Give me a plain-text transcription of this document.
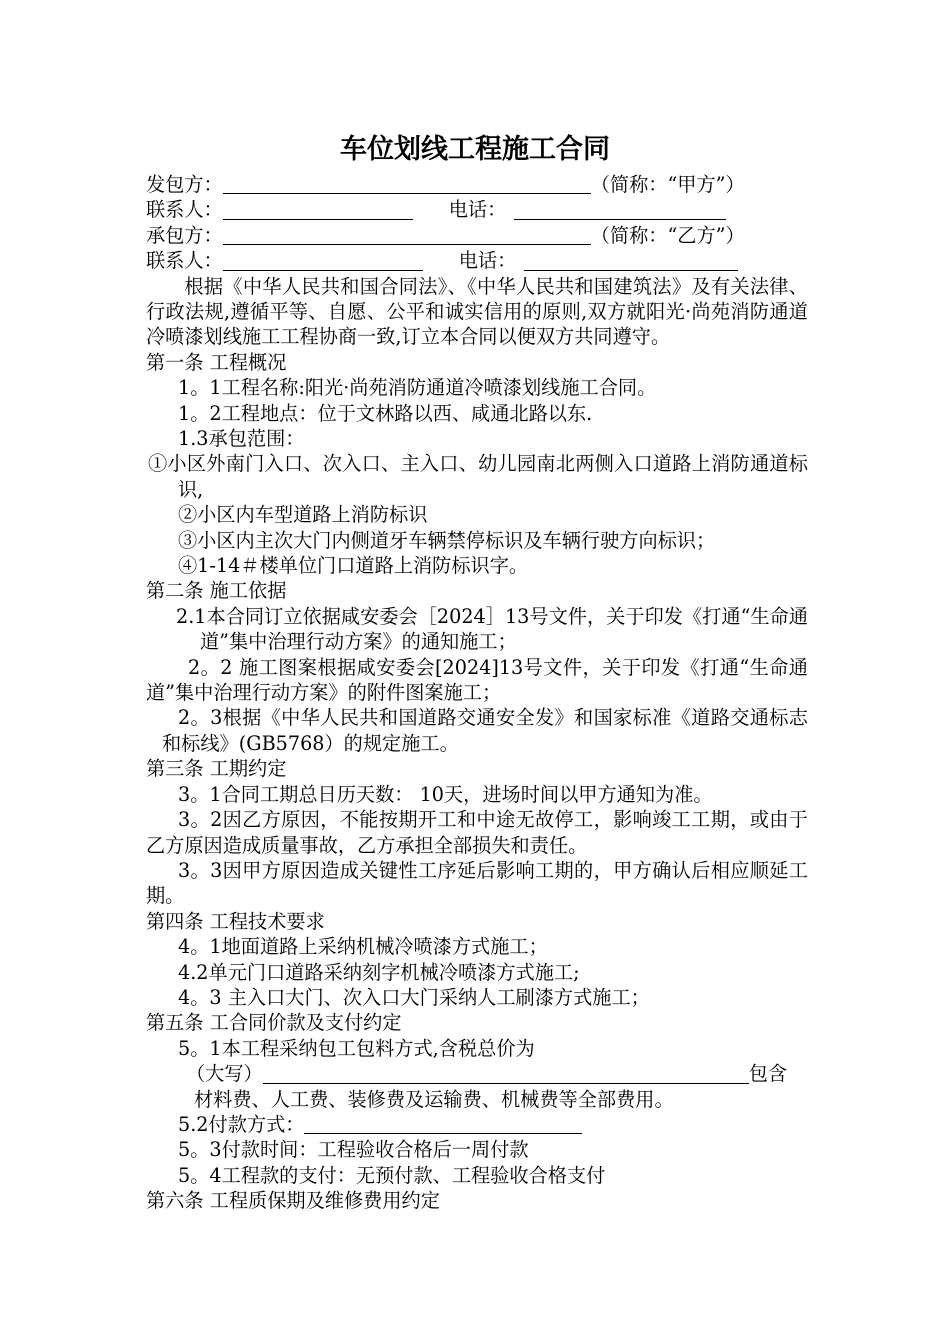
车位划线工程施工合同
发包方：	（简称：“甲方”）
联系人：	电话：
承包方：	（简称：“乙方”）
联系人：	电话：
根据《中华人民共和国合同法》、《中华人民共和国建筑法》及有关法律、行政法规,遵循平等、自愿、公平和诚实信用的原则,双方就阳光·尚苑消防通道冷喷漆划线施工工程协商一致,订立本合同以便双方共同遵守。
第一条 工程概况
1。1工程名称:阳光·尚苑消防通道冷喷漆划线施工合同。
1。2工程地点：位于文林路以西、咸通北路以东.
1.3承包范围：
①小区外南门入口、次入口、主入口、幼儿园南北两侧入口道路上消防通道标识,
②小区内车型道路上消防标识
③小区内主次大门内侧道牙车辆禁停标识及车辆行驶方向标识；
④1-14＃楼单位门口道路上消防标识字。
第二条 施工依据
2.1本合同订立依据咸安委会［2024］13号文件，关于印发《打通“生命通道”集中治理行动方案》的通知施工；
2。2 施工图案根据咸安委会[2024]13号文件，关于印发《打通“生命通道”集中治理行动方案》的附件图案施工；
2。3根据《中华人民共和国道路交通安全发》和国家标准《道路交通标志和标线》(GB5768）的规定施工。
第三条 工期约定
3。1合同工期总日历天数： 10天，进场时间以甲方通知为准。
3。2因乙方原因，不能按期开工和中途无故停工，影响竣工工期，或由于乙方原因造成质量事故，乙方承担全部损失和责任。
3。3因甲方原因造成关键性工序延后影响工期的，甲方确认后相应顺延工期。
第四条 工程技术要求
4。1地面道路上采纳机械冷喷漆方式施工；
4.2单元门口道路采纳刻字机械冷喷漆方式施工;
4。3 主入口大门、次入口大门采纳人工刷漆方式施工；
第五条 工合同价款及支付约定
5。1本工程采纳包工包料方式,含税总价为
（大写）	包含
材料费、人工费、装修费及运输费、机械费等全部费用。
5.2付款方式：
5。3付款时间：工程验收合格后一周付款
5。4工程款的支付：无预付款、工程验收合格支付
第六条 工程质保期及维修费用约定
